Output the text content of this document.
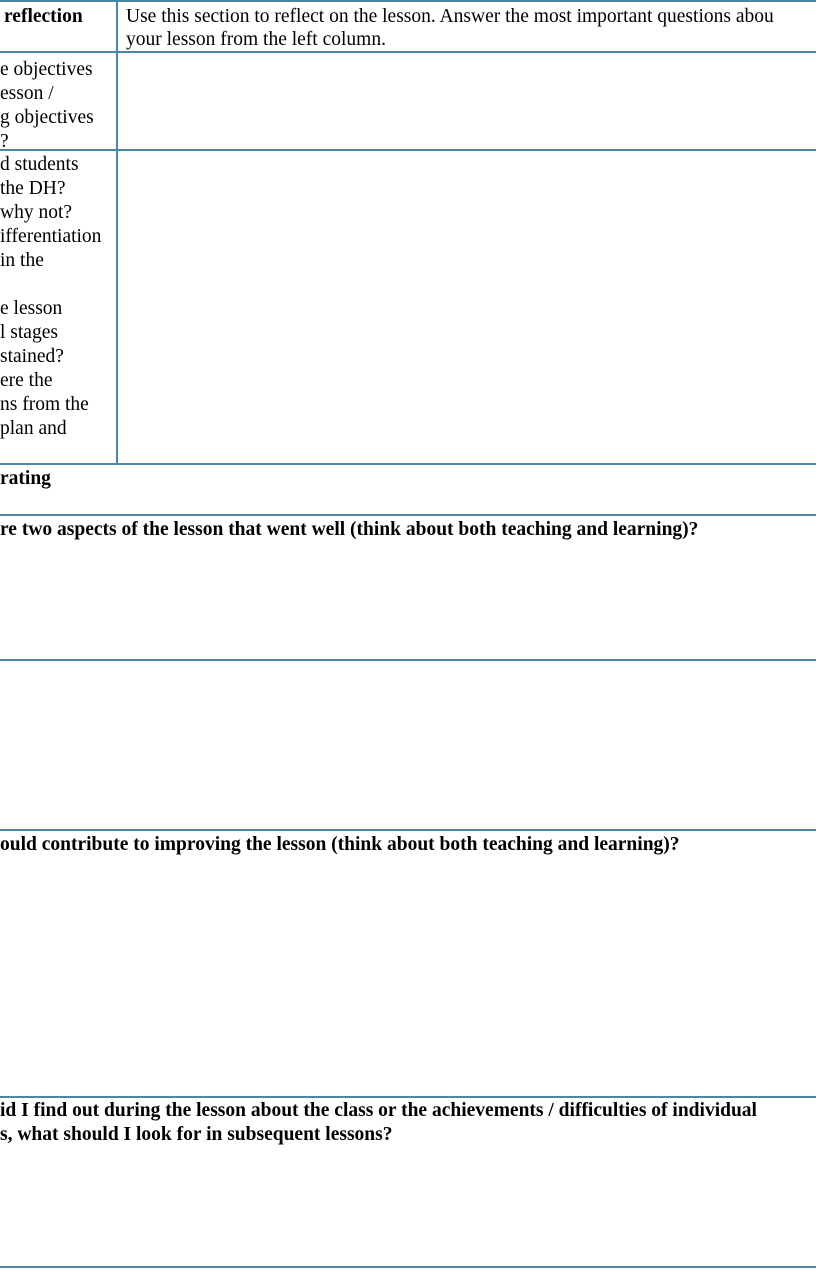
reflection Use this section to reflect on the lesson. Answer the most important questions abou
your lesson from the left column.
e objectives
esson /
g objectives
?
d students
the DH?
why not?
ifferentiation
in the
e lesson
l stages
stained?
ere the
ns from the
plan and
rating
re two aspects of the lesson that went well (think about both teaching and learning)?
ould contribute to improving the lesson (think about both teaching and learning)?
id I find out during the lesson about the class or the achievements / difficulties of individual
s, what should I look for in subsequent lessons?
